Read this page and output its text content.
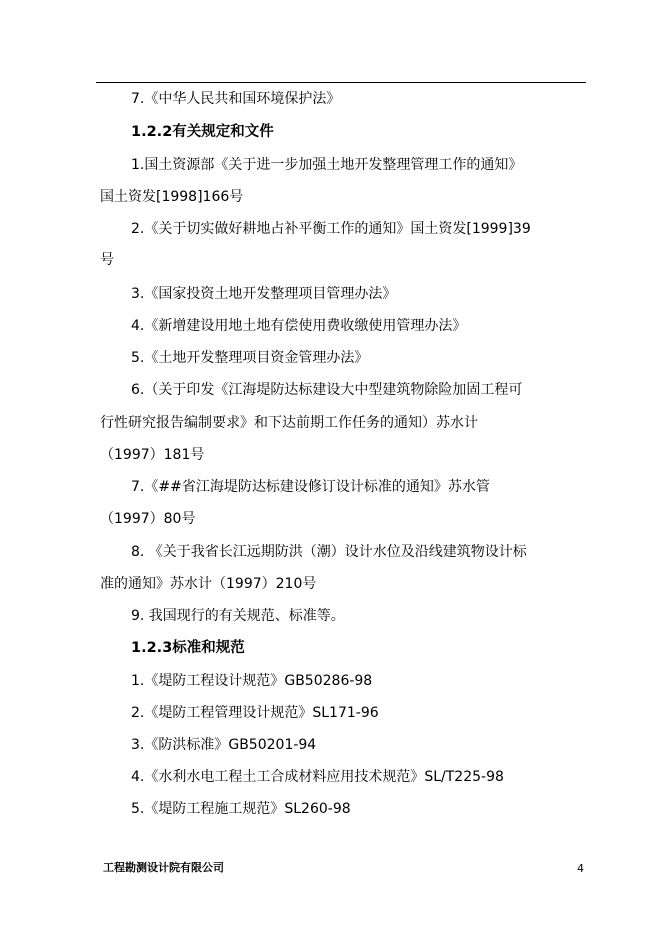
7.《中华人民共和国环境保护法》
1.2.2有关规定和文件
1.国土资源部《关于进一步加强土地开发整理管理工作的通知》
国土资发[1998]166号
2.《关于切实做好耕地占补平衡工作的通知》国土资发[1999]39
号
3.《国家投资土地开发整理项目管理办法》
4.《新增建设用地土地有偿使用费收缴使用管理办法》
5.《土地开发整理项目资金管理办法》
6.（关于印发《江海堤防达标建设大中型建筑物除险加固工程可
行性研究报告编制要求》和下达前期工作任务的通知）苏水计
（1997）181号
7.《##省江海堤防达标建设修订设计标准的通知》苏水管
（1997）80号
8. 《关于我省长江远期防洪（潮）设计水位及沿线建筑物设计标
准的通知》苏水计（1997）210号
9. 我国现行的有关规范、标准等。
1.2.3标准和规范
1.《堤防工程设计规范》GB50286-98
2.《堤防工程管理设计规范》SL171-96
3.《防洪标准》GB50201-94
4.《水利水电工程土工合成材料应用技术规范》SL/T225-98
5.《堤防工程施工规范》SL260-98
工程勘测设计院有限公司	4
